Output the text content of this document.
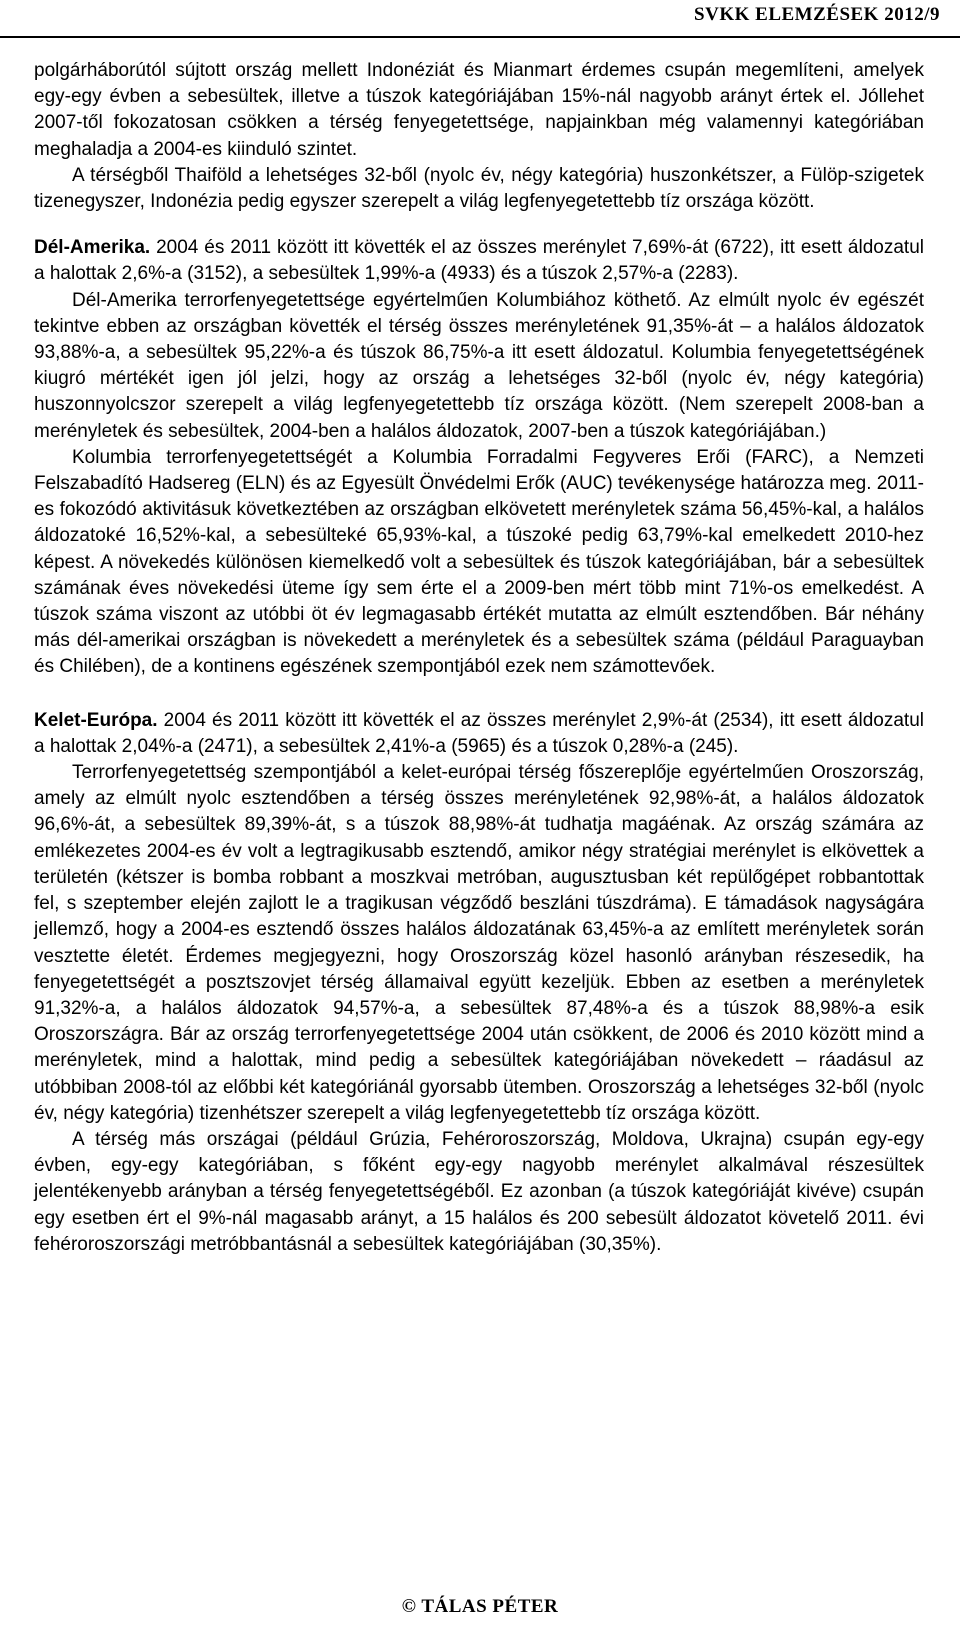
SVKK ELEMZÉSEK 2012/9

polgárháborútól sújtott ország mellett Indonéziát és Mianmart érdemes csupán megemlíteni, amelyek egy-egy évben a sebesültek, illetve a túszok kategóriájában 15%-nál nagyobb arányt értek el. Jóllehet 2007-től fokozatosan csökken a térség fenyegetettsége, napjainkban még valamennyi kategóriában meghaladja a 2004-es kiinduló szintet.

A térségből Thaiföld a lehetséges 32-ből (nyolc év, négy kategória) huszonkétszer, a Fülöp-szigetek tizenegyszer, Indonézia pedig egyszer szerepelt a világ legfenyegetettebb tíz országa között.

Dél-Amerika. 2004 és 2011 között itt követték el az összes merénylet 7,69%-át (6722), itt esett áldozatul a halottak 2,6%-a (3152), a sebesültek 1,99%-a (4933) és a túszok 2,57%-a (2283).

Dél-Amerika terrorfenyegetettsége egyértelműen Kolumbiához köthető. Az elmúlt nyolc év egészét tekintve ebben az országban követték el térség összes merényletének 91,35%-át – a halálos áldozatok 93,88%-a, a sebesültek 95,22%-a és túszok 86,75%-a itt esett áldozatul. Kolumbia fenyegetettségének kiugró mértékét igen jól jelzi, hogy az ország a lehetséges 32-ből (nyolc év, négy kategória) huszonnyolcszor szerepelt a világ legfenyegetettebb tíz országa között. (Nem szerepelt 2008-ban a merényletek és sebesültek, 2004-ben a halálos áldozatok, 2007-ben a túszok kategóriájában.)

Kolumbia terrorfenyegetettségét a Kolumbia Forradalmi Fegyveres Erői (FARC), a Nemzeti Felszabadító Hadsereg (ELN) és az Egyesült Önvédelmi Erők (AUC) tevékenysége határozza meg. 2011-es fokozódó aktivitásuk következtében az országban elkövetett merényletek száma 56,45%-kal, a halálos áldozatoké 16,52%-kal, a sebesülteké 65,93%-kal, a túszoké pedig 63,79%-kal emelkedett 2010-hez képest. A növekedés különösen kiemelkedő volt a sebesültek és túszok kategóriájában, bár a sebesültek számának éves növekedési üteme így sem érte el a 2009-ben mért több mint 71%-os emelkedést. A túszok száma viszont az utóbbi öt év legmagasabb értékét mutatta az elmúlt esztendőben. Bár néhány más dél-amerikai országban is növekedett a merényletek és a sebesültek száma (például Paraguayban és Chilében), de a kontinens egészének szempontjából ezek nem számottevőek.

Kelet-Európa. 2004 és 2011 között itt követték el az összes merénylet 2,9%-át (2534), itt esett áldozatul a halottak 2,04%-a (2471), a sebesültek 2,41%-a (5965) és a túszok 0,28%-a (245).

Terrorfenyegetettség szempontjából a kelet-európai térség főszereplője egyértelműen Oroszország, amely az elmúlt nyolc esztendőben a térség összes merényletének 92,98%-át, a halálos áldozatok 96,6%-át, a sebesültek 89,39%-át, s a túszok 88,98%-át tudhatja magáénak. Az ország számára az emlékezetes 2004-es év volt a legtragikusabb esztendő, amikor négy stratégiai merénylet is elkövettek a területén (kétszer is bomba robbant a moszkvai metróban, augusztusban két repülőgépet robbantottak fel, s szeptember elején zajlott le a tragikusan végződő beszláni túszdráma). E támadások nagyságára jellemző, hogy a 2004-es esztendő összes halálos áldozatának 63,45%-a az említett merényletek során vesztette életét. Érdemes megjegyezni, hogy Oroszország közel hasonló arányban részesedik, ha fenyegetettségét a posztszovjet térség államaival együtt kezeljük. Ebben az esetben a merényletek 91,32%-a, a halálos áldozatok 94,57%-a, a sebesültek 87,48%-a és a túszok 88,98%-a esik Oroszországra. Bár az ország terrorfenyegetettsége 2004 után csökkent, de 2006 és 2010 között mind a merényletek, mind a halottak, mind pedig a sebesültek kategóriájában növekedett – ráadásul az utóbbiban 2008-tól az előbbi két kategóriánál gyorsabb ütemben. Oroszország a lehetséges 32-ből (nyolc év, négy kategória) tizenhétszer szerepelt a világ legfenyegetettebb tíz országa között.

A térség más országai (például Grúzia, Fehéroroszország, Moldova, Ukrajna) csupán egy-egy évben, egy-egy kategóriában, s főként egy-egy nagyobb merénylet alkalmával részesültek jelentékenyebb arányban a térség fenyegetettségéből. Ez azonban (a túszok kategóriáját kivéve) csupán egy esetben ért el 9%-nál magasabb arányt, a 15 halálos és 200 sebesült áldozatot követelő 2011. évi fehéroroszországi metróbbantásnál a sebesültek kategóriájában (30,35%).

© TÁLAS PÉTER
